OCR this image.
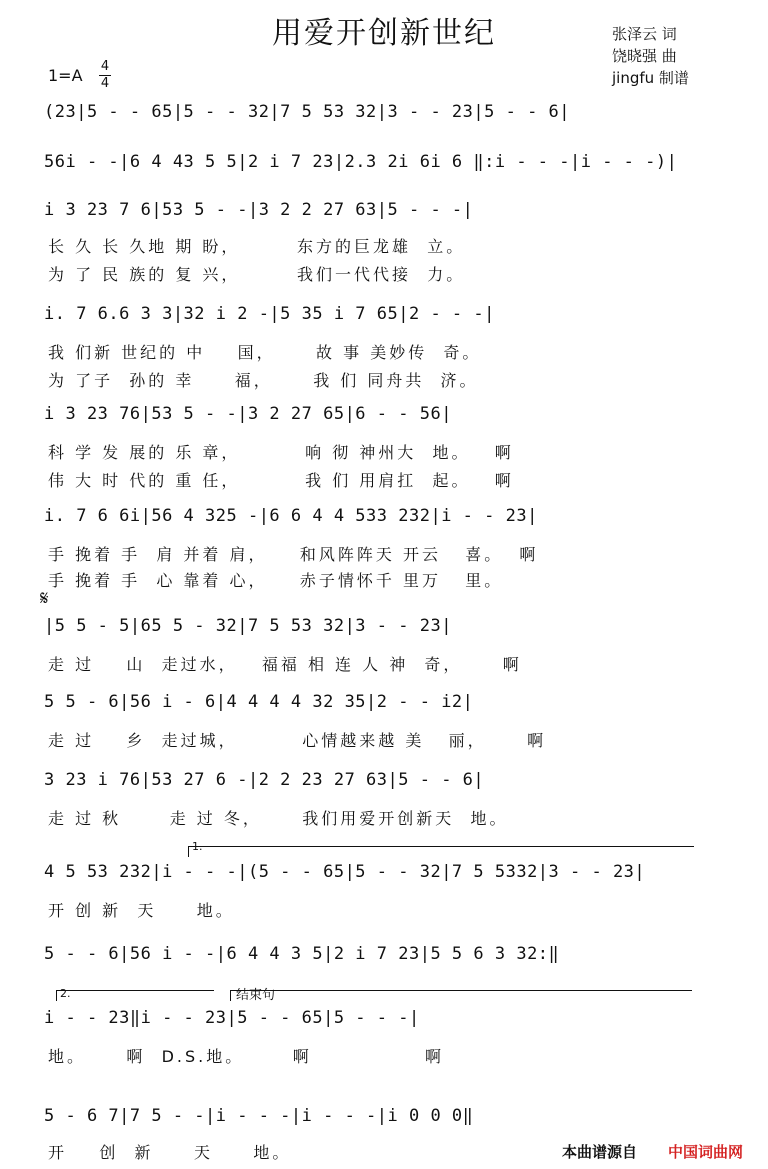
用爱开创新世纪	张泽云 词
饶晓强 曲
jingfu 制谱
1=A 4
4
(23|5 - - 65|5 - - 32|7 5 53 32|3 - - 23|5 - - 6|
56i - -|6 4 43 5 5|2 i 7 23|2.3 2i 6i 6 ‖:i - - -|i - - -)|
i 3 23 7 6|53 5 - -|3 2 2 27 63|5 - - -|
长 久 长 久地 期 盼，       东方的巨龙雄  立。
为 了 民 族的 复 兴，       我们一代代接  力。
i. 7 6.6 3 3|32 i 2 -|5 35 i 7 65|2 - - -|
我 们新 世纪的 中    国，     故 事 美妙传  奇。
为 了子  孙的 幸     福，     我 们 同舟共  济。
i 3 23 76|53 5 - -|3 2 27 65|6 - - 56|
科 学 发 展的 乐 章，        响 彻 神州大  地。   啊
伟 大 时 代的 重 任，        我 们 用肩扛  起。   啊
i. 7 6 6i|56 4 325 -|6 6 4 4 533 232|i - - 23|
手 挽着 手  肩 并着 肩，    和风阵阵天 开云   喜。  啊
手 挽着 手  心 靠着 心，    赤子情怀千 里万   里。
𝄋
|5 5 - 5|65 5 - 32|7 5 53 32|3 - - 23|
走 过    山  走过水，   福福 相 连 人 神  奇，     啊
5 5 - 6|56 i - 6|4 4 4 4 32 35|2 - - i2|
走 过    乡  走过城，        心情越来越 美   丽，     啊
3 23 i 76|53 27 6 -|2 2 23 27 63|5 - - 6|
走 过 秋      走 过 冬，     我们用爱开创新天  地。
1.
4 5 53 232|i - - -|(5 - - 65|5 - - 32|7 5 5332|3 - - 23|
开 创 新  天     地。
5 - - 6|56 i - -|6 4 4 3 5|2 i 7 23|5 5 6 3 32:‖
2.	结束句
i - - 23‖i - - 23|5 - - 65|5 - - -|
地。     啊  D.S.地。      啊              啊
5 - 6 7|7 5 - -|i - - -|i - - -|i 0 0 0‖
开    创  新     天     地。	本曲谱源自 中国词曲网
